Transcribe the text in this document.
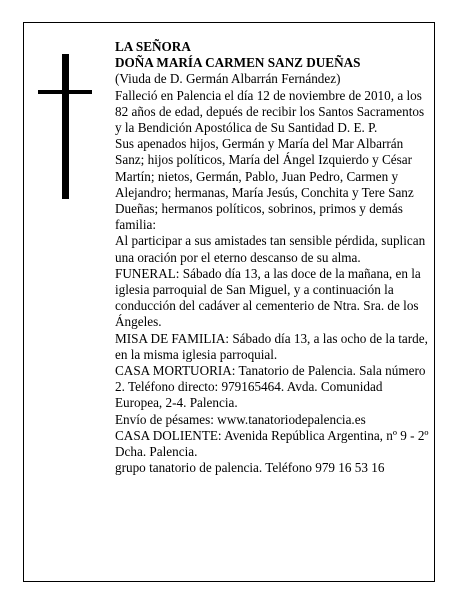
LA SEÑORA

DOÑA MARÍA CARMEN SANZ DUEÑAS

(Viuda de D. Germán Albarrán Fernández)

Falleció en Palencia el día 12 de noviembre de 2010, a los 82 años de edad, depués de recibir los Santos Sacramentos y la Bendición Apostólica de Su Santidad D. E. P.

Sus apenados hijos, Germán y María del Mar Albarrán Sanz; hijos políticos, María del Ángel Izquierdo y César Martín; nietos, Germán, Pablo, Juan Pedro, Carmen y Alejandro; hermanas, María Jesús, Conchita y Tere Sanz Dueñas; hermanos políticos, sobrinos, primos y demás familia:

Al participar a sus amistades tan sensible pérdida, suplican una oración por el eterno descanso de su alma.

FUNERAL: Sábado día 13, a las doce de la mañana, en la iglesia parroquial de San Miguel, y a continuación la conducción del cadáver al cementerio de Ntra. Sra. de los Ángeles.

MISA DE FAMILIA: Sábado día 13, a las ocho de la tarde, en la misma iglesia parroquial.

CASA MORTUORIA: Tanatorio de Palencia. Sala número 2. Teléfono directo: 979165464. Avda. Comunidad Europea, 2-4. Palencia.

Envío de pésames: www.tanatoriodepalencia.es

CASA DOLIENTE: Avenida República Argentina, nº 9 - 2º Dcha. Palencia.

grupo tanatorio de palencia. Teléfono 979 16 53 16
